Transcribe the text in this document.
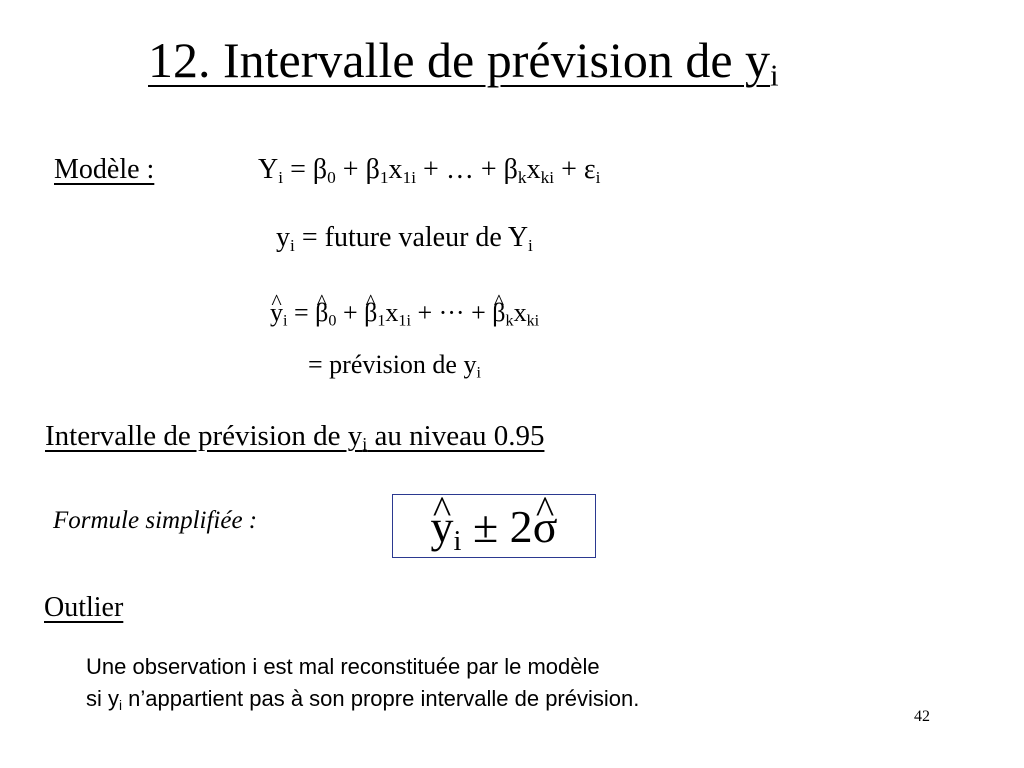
12. Intervalle de prévision de $y_i$
Modèle :	$Y_i = \beta_0 + \beta_1x_{1i}$ + … + $\beta_kx_{ki} + \varepsilon_i$
$y_i$ = future valeur de $Y_i$
^ $y_i$ = ^ $\beta_0$ + ^ $\beta_1x_{1i}$ + ··· + ^ $\beta_kx_{ki}$
= prévision de $y_i$
Intervalle de prévision de $y_i$ au niveau 0.95
Formule simplifiée :
^	$y_i$ ± 2^ σ
Outlier
Une observation i est mal reconstituée par le modèle
si $y_i$ n’appartient pas à son propre intervalle de prévision.
42
